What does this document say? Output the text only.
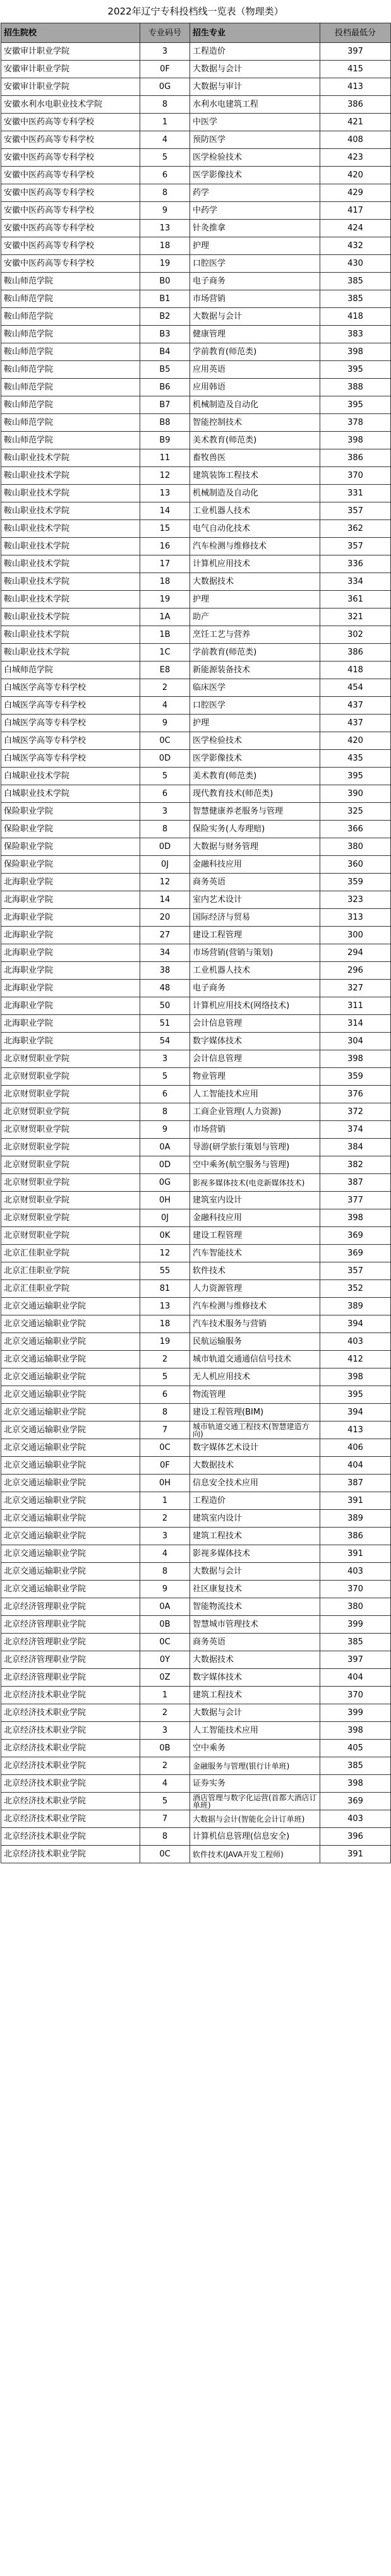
2022年辽宁专科投档线一览表（物理类）
招生院校	专业码号	招生专业	投档最低分
安徽审计职业学院	3	工程造价	397
安徽审计职业学院	0F	大数据与会计	415
安徽审计职业学院	0G	大数据与审计	413
安徽水利水电职业技术学院	8	水利水电建筑工程	386
安徽中医药高等专科学校	1	中医学	421
安徽中医药高等专科学校	4	预防医学	408
安徽中医药高等专科学校	5	医学检验技术	423
安徽中医药高等专科学校	6	医学影像技术	420
安徽中医药高等专科学校	8	药学	429
安徽中医药高等专科学校	9	中药学	417
安徽中医药高等专科学校	13	针灸推拿	424
安徽中医药高等专科学校	18	护理	432
安徽中医药高等专科学校	19	口腔医学	430
鞍山师范学院	B0	电子商务	385
鞍山师范学院	B1	市场营销	385
鞍山师范学院	B2	大数据与会计	418
鞍山师范学院	B3	健康管理	383
鞍山师范学院	B4	学前教育(师范类)	398
鞍山师范学院	B5	应用英语	395
鞍山师范学院	B6	应用韩语	388
鞍山师范学院	B7	机械制造及自动化	395
鞍山师范学院	B8	智能控制技术	378
鞍山师范学院	B9	美术教育(师范类)	398
鞍山职业技术学院	11	畜牧兽医	386
鞍山职业技术学院	12	建筑装饰工程技术	370
鞍山职业技术学院	13	机械制造及自动化	331
鞍山职业技术学院	14	工业机器人技术	357
鞍山职业技术学院	15	电气自动化技术	362
鞍山职业技术学院	16	汽车检测与维修技术	357
鞍山职业技术学院	17	计算机应用技术	336
鞍山职业技术学院	18	大数据技术	334
鞍山职业技术学院	19	护理	361
鞍山职业技术学院	1A	助产	321
鞍山职业技术学院	1B	烹饪工艺与营养	302
鞍山职业技术学院	1C	学前教育(师范类)	386
白城师范学院	E8	新能源装备技术	418
白城医学高等专科学校	2	临床医学	454
白城医学高等专科学校	4	口腔医学	437
白城医学高等专科学校	9	护理	437
白城医学高等专科学校	0C	医学检验技术	420
白城医学高等专科学校	0D	医学影像技术	435
白城职业技术学院	5	美术教育(师范类)	395
白城职业技术学院	6	现代教育技术(师范类)	390
保险职业学院	3	智慧健康养老服务与管理	325
保险职业学院	8	保险实务(人寿理赔)	366
保险职业学院	0D	大数据与财务管理	380
保险职业学院	0J	金融科技应用	360
北海职业学院	12	商务英语	359
北海职业学院	14	室内艺术设计	323
北海职业学院	20	国际经济与贸易	313
北海职业学院	27	建设工程管理	300
北海职业学院	34	市场营销(营销与策划)	294
北海职业学院	38	工业机器人技术	296
北海职业学院	48	电子商务	327
北海职业学院	50	计算机应用技术(网络技术)	311
北海职业学院	51	会计信息管理	314
北海职业学院	54	数字媒体技术	304
北京财贸职业学院	3	会计信息管理	398
北京财贸职业学院	5	物业管理	359
北京财贸职业学院	6	人工智能技术应用	376
北京财贸职业学院	8	工商企业管理(人力资源)	372
北京财贸职业学院	9	市场营销	374
北京财贸职业学院	0A	导游(研学旅行策划与管理)	384
北京财贸职业学院	0D	空中乘务(航空服务与管理)	382
北京财贸职业学院	0G	影视多媒体技术(电竞新媒体技术)	387
北京财贸职业学院	0H	建筑室内设计	377
北京财贸职业学院	0J	金融科技应用	398
北京财贸职业学院	0K	建设工程管理	369
北京汇佳职业学院	12	汽车智能技术	369
北京汇佳职业学院	55	软件技术	357
北京汇佳职业学院	81	人力资源管理	352
北京交通运输职业学院	13	汽车检测与维修技术	389
北京交通运输职业学院	18	汽车技术服务与营销	394
北京交通运输职业学院	19	民航运输服务	403
北京交通运输职业学院	2	城市轨道交通通信信号技术	412
北京交通运输职业学院	5	无人机应用技术	398
北京交通运输职业学院	6	物流管理	395
北京交通运输职业学院	8	建设工程管理(BIM)	394
北京交通运输职业学院	7	城市轨道交通工程技术(智慧建造方向)	413
北京交通运输职业学院	0C	数字媒体艺术设计	406
北京交通运输职业学院	0F	大数据技术	404
北京交通运输职业学院	0H	信息安全技术应用	387
北京交通运输职业学院	1	工程造价	391
北京交通运输职业学院	2	建筑室内设计	389
北京交通运输职业学院	3	建筑工程技术	386
北京交通运输职业学院	4	影视多媒体技术	391
北京交通运输职业学院	8	大数据与会计	403
北京交通运输职业学院	9	社区康复技术	370
北京经济管理职业学院	0A	智能物流技术	380
北京经济管理职业学院	0B	智慧城市管理技术	399
北京经济管理职业学院	0C	商务英语	385
北京经济管理职业学院	0Y	大数据技术	397
北京经济管理职业学院	0Z	数字媒体技术	404
北京经济技术职业学院	1	建筑工程技术	370
北京经济技术职业学院	2	大数据与会计	399
北京经济技术职业学院	3	人工智能技术应用	398
北京经济技术职业学院	0B	空中乘务	405
北京经济技术职业学院	2	金融服务与管理(银行计单班)	385
北京经济技术职业学院	4	证券实务	398
北京经济技术职业学院	5	酒店管理与数字化运营(首都大酒店订单班)	369
北京经济技术职业学院	7	大数据与会计(智能化会计订单班)	403
北京经济技术职业学院	8	计算机信息管理(信息安全)	396
北京经济技术职业学院	0C	软件技术(JAVA开发工程师)	391
